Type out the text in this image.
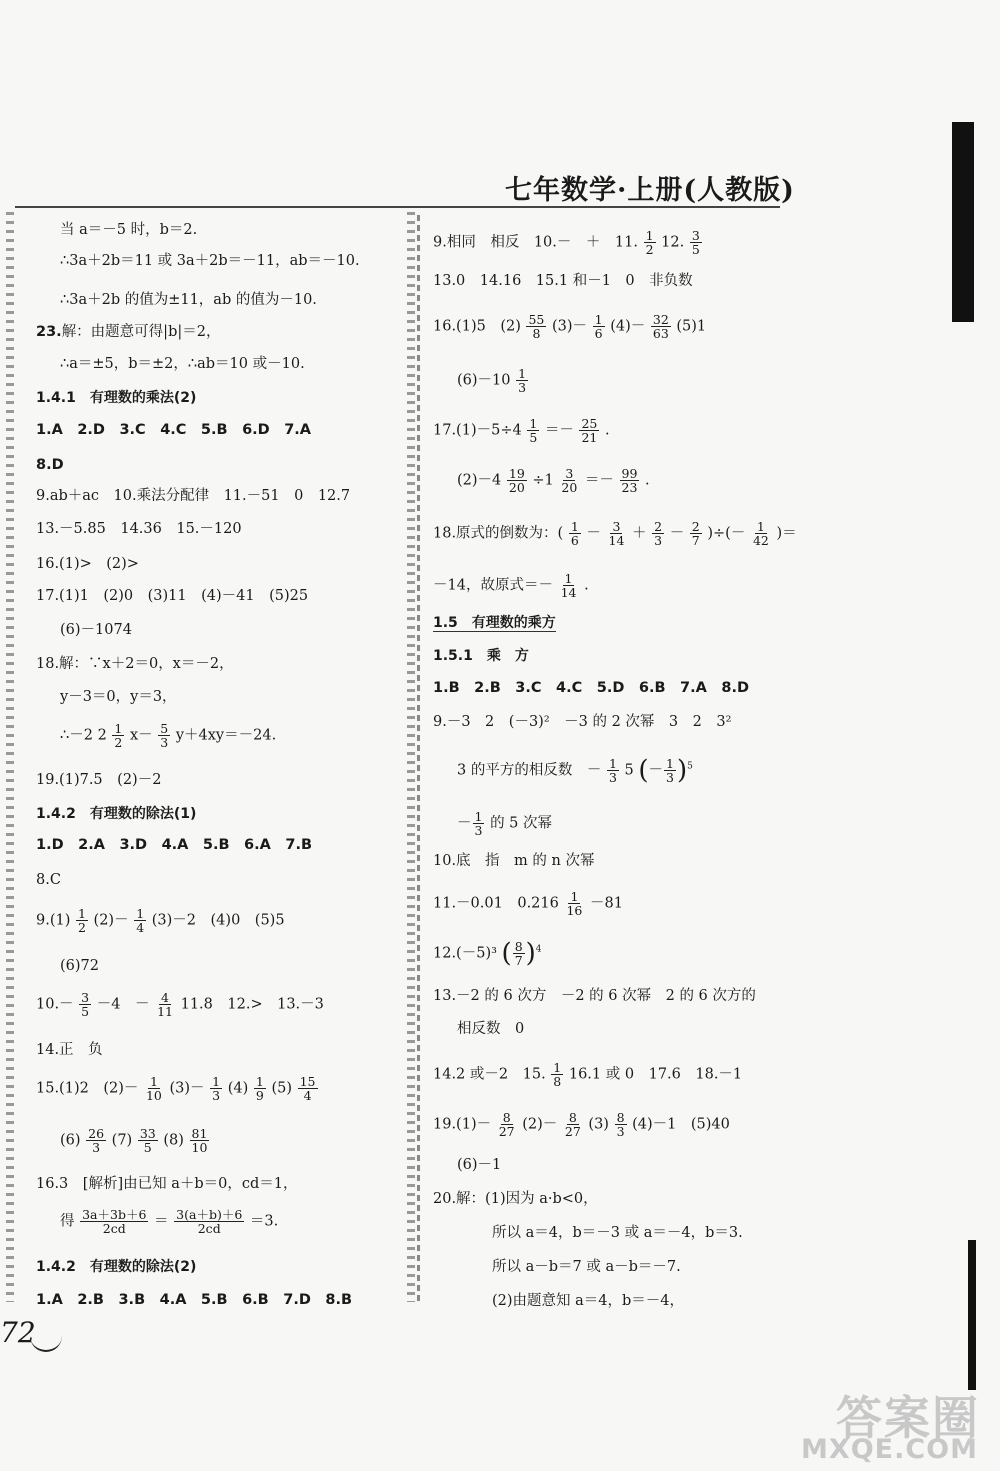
七年数学·上册(人教版)
当 a＝－5 时，b＝2.
∴3a＋2b＝11 或 3a＋2b＝－11，ab＝－10.
∴3a＋2b 的值为±11，ab 的值为－10.
23.解：由题意可得|b|＝2，
∴a＝±5，b＝±2，∴ab＝10 或－10.
1.4.1　有理数的乘法(2)
1.A　2.D　3.C　4.C　5.B　6.D　7.A
8.D
9.ab＋ac　10.乘法分配律　11.－51　0　12.7
13.－5.85　14.36　15.－120
16.(1)>　(2)>
17.(1)1　(2)0　(3)11　(4)－41　(5)25
(6)－1074
18.解：∵x＋2＝0，x＝－2，
y－3＝0，y＝3，
∴－2 $2 \frac{1}{2} x- \frac{5}{3} y+4xy=-24$.
19.(1)7.5　(2)－2
1.4.2　有理数的除法(1)
1.D　2.A　3.D　4.A　5.B　6.A　7.B
8.C
$9.(1) \frac{1}{2} (2)- \frac{1}{4} (3)-2$　(4)0　(5)5
(6)72
$10.- \frac{3}{5} -4$　－ $\frac{4}{11} 11.8$　12.>　13.－3
14.正　负
15.(1)2　$(2)- \frac{1}{10} (3)- \frac{1}{3} (4) \frac{1}{9} (5) \frac{15}{4}$
$(6) \frac{26}{3} (7) \frac{33}{5} (8) \frac{81}{10}$
16.3　[解析]由已知 a＋b＝0，cd＝1，
得 $\frac{3a+3b+6}{2cd} = \frac{3(a+b)+6}{2cd} =3$.
1.4.2　有理数的除法(2)
1.A　2.B　3.B　4.A　5.B　6.B　7.D　8.B
72
答案圈
MXQE.COM
9.相同　相反　10.－　＋　11. $\frac{1}{2} 12$. $\frac{3}{5}$
13.0　14.16　15.1 和－1　0　非负数
16.(1)5　$(2) \frac{55}{8} (3)- \frac{1}{6} (4)- \frac{32}{63} (5)1$
$(6)-10 \frac{1}{3}$
$17.(1)-5\div 4 \frac{1}{5} =- \frac{25}{21}$ .
$(2)-4 \frac{19}{20} \div 1 \frac{3}{20} =- \frac{99}{23}$ .
18.原式的倒数为：( $\frac{1}{6} - \frac{3}{14} + \frac{2}{3} - \frac{2}{7}$ )÷(－ $\frac{1}{42}$ )＝
－14，故原式＝－ $\frac{1}{14}$ .
1.5　有理数的乘方
1.5.1　乘　方
1.B　2.B　3.C　4.C　5.D　6.B　7.A　8.D
9.－3　2　(－3)²　－3 的 2 次幂　3　2　3²
3 的平方的相反数　－ $\frac{1}{3} 5$ (－ $\frac{1}{3} )^5$
－ $\frac{1}{3}$ 的 5 次幂
10.底　指　m 的 n 次幂
11.－0.01　$0.216 \frac{1}{16} -81$
12.(－5)³ ( $\frac{8}{7} )^4$
13.－2 的 6 次方　－2 的 6 次幂　2 的 6 次方的
相反数　0
14.2 或－2　15. $\frac{1}{8} 16.1$ 或 0　17.6　18.－1
$19.(1)- \frac{8}{27} (2)- \frac{8}{27} (3) \frac{8}{3} (4)-1$　(5)40
(6)－1
20.解：(1)因为 a·b<0，
所以 a＝4，b＝－3 或 a＝－4，b＝3.
所以 a－b＝7 或 a－b＝－7.
(2)由题意知 a＝4，b＝－4，
